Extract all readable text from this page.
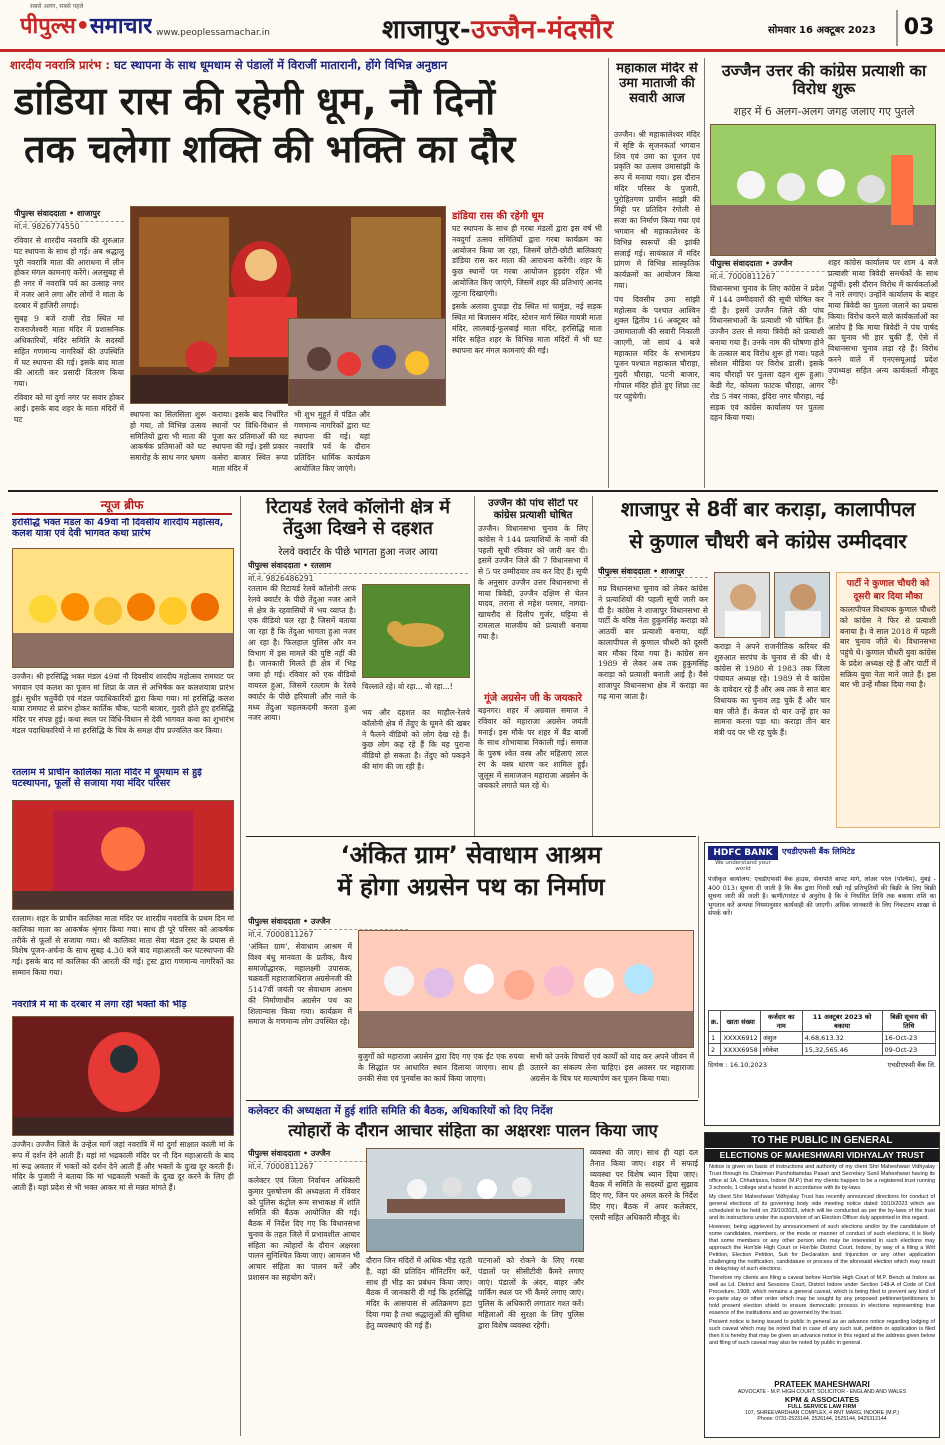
सबसे अलग, सबसे पहले
पीपुल्स•समाचार www.peoplessamachar.in	शाजापुर-उज्जैन-मंदसौर	सोमवार 16 अक्टूबर 2023	03
शारदीय नवरात्रि प्रारंभ : घट स्थापना के साथ धूमधाम से पंडालों में विराजीं मातारानी, होंगे विभिन्न अनुष्ठान
डांडिया रास की रहेगी धूम, नौ दिनों
तक चलेगा शक्ति की भक्ति का दौर
पीपुल्स संवाददाता • शाजापुर
मो.नं. 9826774550

रविवार से शारदीय नवरात्रि की शुरुआत घट स्थापना के साथ हो गई। अब श्रद्धालु पूरी नवरात्रि माता की आराधना में लीन होकर मंगल कामनाएं करेंगे। अलसुबह से ही नगर में नवरात्रि पर्व का उत्साह नगर में नजर आने लगा और लोगों ने माता के दरबार में हाजिरी लगाई।

सुबह 9 बजे राजी रोड स्थित मां राजराजेश्वरी माता मंदिर में प्रशासनिक अधिकारियों, मंदिर समिति के सदस्यों सहित गणमान्य नागरिकों की उपस्थिति में घट स्थापना की गई। इसके बाद माता की आरती कर प्रसादी वितरण किया गया।

रविवार को मां दुर्गा नगर पर सवार होकर आईं। इसके बाद शहर के माता मंदिरों में घट	स्थापना का सिलसिला शुरू हो गया, तो विभिन्न उत्सव समितियों द्वारा भी माता की आकर्षक प्रतिमाओं को घट समारोह के साथ नगर भ्रमण
कराया। इसके बाद निर्धारित स्थानों पर विधि-विधान से पूजा कर प्रतिमाओं की घट स्थापना की गई। इसी प्रकार कसेरा बाजार स्थित रूपा माता मंदिर में
भी शुभ मुहूर्त में पंडित और गणमान्य नागरिकों द्वारा घट स्थापना की गई। यहां नवरात्रि पर्व के दौरान प्रतिदिन धार्मिक कार्यक्रम आयोजित किए जाएंगे।
डांडिया रास की रहेगी धूम
घट स्थापना के साथ ही गरबा मंडलों द्वारा इस वर्ष भी नवदुर्गा उत्सव समितियों द्वारा गरबा कार्यक्रम का आयोजन किया जा रहा, जिसमें छोटी-छोटी बालिकाएं डांडिया रास कर माता की आराधना करेंगी। शहर के कुछ स्थानों पर गरबा आयोजन हुड़दंग रहित भी आयोजित किए जाएंगे, जिसमें शहर की प्रतिभाएं आनंद लूटना दिखाएंगी।
इसके अलावा दुपाड़ा रोड स्थित मां चामुंडा, नई सड़क स्थित मां बिजासन मंदिर, स्टेशन मार्ग स्थित गायत्री माता मंदिर, लालबाई-फूलबाई माता मंदिर, हरसिद्धि माता मंदिर सहित शहर के विभिन्न माता मंदिरों में भी घट स्थापना कर मंगल कामनाएं की गईं।
महाकाल मंदिर से उमा माताजी की सवारी आज

उज्जैन। श्री महाकालेश्वर मंदिर में सृष्टि के सृजनकर्ता भगवान शिव एवं उमा का पूजन एवं प्रकृति का उत्सव उमासांझी के रूप में मनाया गया। इस दौरान मंदिर परिसर के पुजारी, पुरोहितगण प्राचीन सांझी की मिट्टी पर प्रतिदिन रंगोली से सजा का निर्माण किया गया एवं भगवान श्री महाकालेश्वर के विभिन्न स्वरूपों की झांकी सजाई गई। सायंकाल में मंदिर प्रांगण में विभिन्न सांस्कृतिक कार्यक्रमों का आयोजन किया गया।

पंच दिवसीय उमा सांझी महोत्सव के पश्चात आश्विन शुक्ल द्वितीय 16 अक्टूबर को उमामाताजी की सवारी निकाली जाएगी, जो सायं 4 बजे महाकाल मंदिर के सभामंडप पूजन पश्चात महाकाल चौराहा, गुदरी चौराहा, पटनी बाजार, गोपाल मंदिर होते हुए शिप्रा तट पर पहुंचेगी।

उज्जैन उत्तर की कांग्रेस प्रत्याशी का विरोध शुरू
शहर में 6 अलग-अलग जगह जलाए गए पुतले
पीपुल्स संवाददाता • उज्जैन
मो.नं. 7000811267
विधानसभा चुनाव के लिए कांग्रेस ने प्रदेश में 144 उम्मीदवारों की सूची घोषित कर दी है। इसमें उज्जैन जिले की पांच विधानसभाओं के प्रत्याशी भी घोषित हैं। उज्जैन उत्तर से माया त्रिवेदी को प्रत्याशी बनाया गया है। उनके नाम की घोषणा होने के तत्काल बाद विरोध शुरू हो गया। पहले सोशल मीडिया पर विरोध डाली। इसके बाद चौराहों पर पुतला दहन शुरू हुआ। केडी गेट, कोयला फाटक चौराहा, आगर रोड 5 नंबर नाका, इंदिरा नगर चौराहा, नई सड़क एवं कांग्रेस कार्यालय पर पुतला दहन किया गया।
शहर कांग्रेस कार्यालय पर शाम 4 बजे प्रत्याशी माया त्रिवेदी समर्थकों के साथ पहुंचीं। इसी दौरान विरोध में कार्यकर्ताओं ने नारे लगाए। उन्होंने कार्यालय के बाहर माया त्रिवेदी का पुतला जलाने का प्रयास किया। विरोध करने वाले कार्यकर्ताओं का आरोप है कि माया त्रिवेदी ने पंच पार्षद का चुनाव भी हार चुकी हैं, ऐसे में विधानसभा चुनाव लड़ा रहे हैं। विरोध करने वाले में एनएसयूआई प्रदेश उपाध्यक्ष सहित अन्य कार्यकर्ता मौजूद रहे।
न्यूज ब्रीफ
हरसिद्धि भक्त मंडल का 49वां नौ दिवसीय शारदीय महोत्सव, कलश यात्रा एवं देवी भागवत कथा प्रारंभ
उज्जैन। श्री हरसिद्धि भक्त मंडल 49वां नौ दिवसीय शारदीय महोत्सव रामघाट पर भगवान एवं कलश का पूजन मां शिप्रा के जल से अभिषेक कर कलशयात्रा प्रारंभ हुई। सुधीर चतुर्वेदी एवं मंडल पदाधिकारियों द्वारा किया गया। मां हरसिद्धि कलश यात्रा रामघाट से प्रारंभ होकर कार्तिक चौक, पटनी बाजार, गुदरी होते हुए हरसिद्धि मंदिर पर संपन्न हुई। कथा स्थल पर विधि-विधान से देवी भागवत कथा का शुभारंभ मंडल पदाधिकारियों ने मां हरसिद्धि के चित्र के समक्ष दीप प्रज्वलित कर किया।
रतलाम में प्राचीन कालिका माता मंदिर में धूमधाम से हुई घटस्थापना, फूलों से सजाया गया मंदिर परिसर
रतलाम। शहर के प्राचीन कालिका माता मंदिर पर शारदीय नवरात्रि के प्रथम दिन मां कालिका माता का आकर्षक श्रृंगार किया गया। साथ ही पूरे परिसर को आकर्षक तरीके से फूलों से सजाया गया। श्री कालिका माता सेवा मंडल ट्रस्ट के प्रयास से विशेष पूजन-अर्चना के साथ सुबह 4.30 बजे बाद महाआरती कर घटस्थापना की गई। इसके बाद मां कालिका की आरती की गई। ट्रस्ट द्वारा गणमान्य नागरिकों का सम्मान किया गया।
नवरात्रि में मां के दरबार में लगा रही भक्तों की भीड़
उज्जैन। उज्जैन जिले के उन्हेल मार्ग जहां नवरात्रि में मां दुर्गा साक्षात काली मां के रूप में दर्शन देने आती हैं। यहां मां भद्रकाली मंदिर पर नौ दिन महाआरती के बाद मां रूद्र अवतार में भक्तों को दर्शन देने आती हैं और भक्तों के दुःख दूर करती हैं। मंदिर के पुजारी ने बताया कि मां भद्रकाली भक्तों के दुःख दूर करने के लिए ही आती हैं। यहां प्रदेश से भी भक्त आकर मां से मन्नत मांगते हैं।
रिटायर्ड रेलवे कॉलोनी क्षेत्र में तेंदुआ दिखने से दहशत
रेलवे क्वार्टर के पीछे भागता हुआ नजर आया
पीपुल्स संवाददाता • रतलाम
मो.नं. 9826486291
रतलाम की रिटायर्ड रेलवे कॉलोनी तरफ रेलवे क्वार्टर के पीछे तेंदुआ नजर आने से क्षेत्र के रहवासियों में भय व्याप्त है। एक वीडियो चल रहा है जिसमें बताया जा रहा है कि तेंदुआ भागता हुआ नजर आ रहा है। फिलहाल पुलिस और वन विभाग में इस मामले की पुष्टि नहीं की है। जानकारी मिलते ही क्षेत्र में भिड़ जमा हो गई। रविवार को एक वीडियो वायरल हुआ, जिसमें रतलाम के रेलवे क्वार्टर के पीछे हरियाली और नाले के मध्य तेंदुआ चहलकदमी करता हुआ नजर आया।
चिल्लाते रहे। वो रहा... वो रहा...!
भय और दहशत का माहौल-रेलवे कॉलोनी क्षेत्र में तेंदुए के घूमने की खबर ने फैलने वीडियो को लोग देख रहे हैं। कुछ लोग कह रहे हैं कि यह पुराना वीडियो हो सकता है। तेंदुए को पकड़ने की मांग की जा रही है।
उज्जैन की पांच सीटों पर कांग्रेस प्रत्याशी घोषित
उज्जैन। विधानसभा चुनाव के लिए कांग्रेस ने 144 प्रत्याशियों के नामों की पहली सूची रविवार को जारी कर दी। इसमें उज्जैन जिले की 7 विधानसभा में से 5 पर उम्मीदवार तय कर दिए हैं। सूची के अनुसार उज्जैन उत्तर विधानसभा से माया त्रिवेदी, उज्जैन दक्षिण से चेतन यादव, तराना से महेश परमार, नागदा-खाचरौद से दिलीप गुर्जर, घट्टिया से रामलाल मालवीय को प्रत्याशी बनाया गया है।
गूंजे अग्रसेन जी के जयकारे
बड़नगर। शहर में अग्रवाल समाज ने रविवार को महाराजा अग्रसेन जयंती मनाई। इस मौके पर शहर में बैंड बाजों के साथ शोभायात्रा निकाली गई। समाज के पुरुष श्वेत वस्त्र और महिलाएं लाल रंग के वस्त्र धारण कर शामिल हुईं। जुलूस में समाजजन महाराजा अग्रसेन के जयकारे लगाते चल रहे थे।
शाजापुर से 8वीं बार कराड़ा, कालापीपल
से कुणाल चौधरी बने कांग्रेस उम्मीदवार
पीपुल्स संवाददाता • शाजापुर
मप्र विधानसभा चुनाव को लेकर कांग्रेस ने प्रत्याशियों की पहली सूची जारी कर दी है। कांग्रेस ने शाजापुर विधानसभा से पार्टी के वरिष्ठ नेता हुकुमसिंह कराड़ा को आठवीं बार प्रत्याशी बनाया, वहीं कालापीपल से कुणाल चौधरी को दूसरी बार मौका दिया गया है। कांग्रेस सन 1989 से लेकर अब तक हुकुमसिंह कराड़ा को प्रत्याशी बनाती आई है। वैसे शाजापुर विधानसभा क्षेत्र में कराड़ा का गढ़ माना जाता है।
कराड़ा ने अपने राजनीतिक करियर की शुरुआत सरपंच के चुनाव से की थी। वे कांग्रेस से 1980 से 1983 तक जिला पंचायत अध्यक्ष रहे। 1989 से वे कांग्रेस के दावेदार रहे हैं और अब तक वे सात बार विधायक का चुनाव लड़ चुके हैं और चार बार जीते हैं। केवल दो बार उन्हें हार का सामना करना पड़ा था। कराड़ा तीन बार मंत्री पद पर भी रह चुके हैं।
पार्टी ने कुणाल चौधरी को दूसरी बार दिया मौका
कालापीपल विधायक कुणाल चौधरी को कांग्रेस ने फिर से प्रत्याशी बनाया है। वे साल 2018 में पहली बार चुनाव जीते थे। विधानसभा पहुंचे थे। कुणाल चौधरी युवा कांग्रेस के प्रदेश अध्यक्ष रहे हैं और पार्टी में सक्रिय युवा नेता माने जाते हैं। इस बार भी उन्हें मौका दिया गया है।
‘अंकित ग्राम’ सेवाधाम आश्रम
में होगा अग्रसेन पथ का निर्माण
पीपुल्स संवाददाता • उज्जैन
मो.नं. 7000811267
‘अंकित ग्राम’, सेवाधाम आश्रम में विश्व बंधु मानवता के प्रतीक, वैश्य समाजोद्धारक, महालक्ष्मी उपासक, चक्रवर्ती महाराजाधिराज अग्रसेनजी की 5147वीं जयंती पर सेवाधाम आश्रम की निर्माणाधीन अग्रसेन पथ का शिलान्यास किया गया। कार्यक्रम में समाज के गणमान्य लोग उपस्थित रहे।
बुजुर्गों को महाराजा अग्रसेन द्वारा दिए गए एक ईंट एक रुपया के सिद्धांत पर आधारित स्थान दिलाया जाएगा। साथ ही उनकी सेवा एवं पुनर्वास का कार्य किया जाएगा।
सभी को उनके विचारों एवं कार्यों को याद कर अपने जीवन में उतारने का संकल्प लेना चाहिए। इस अवसर पर महाराजा अग्रसेन के चित्र पर माल्यार्पण कर पूजन किया गया।
HDFC BANK
We understand your world
एचडीएफसी बैंक लिमिटेड
पंजीकृत कार्यालय: एचडीएफसी बैंक हाउस, सेनापति बापट मार्ग, लोअर परेल (पश्चिम), मुंबई - 400 013। सूचना दी जाती है कि बैंक द्वारा गिरवी रखी गई प्रतिभूतियों की बिक्री के लिए बिक्री सूचना जारी की जाती है। ऋणी/गारंटर से अनुरोध है कि वे निर्धारित तिथि तक बकाया राशि का भुगतान करें अन्यथा नियमानुसार कार्यवाही की जाएगी। अधिक जानकारी के लिए निकटतम शाखा से संपर्क करें।
क्र.	खाता संख्या	कर्जदार का नाम	11 अक्टूबर 2023 को बकाया	बिक्री सूचना की तिथि
1	XXXX6912	अंशुल	4,68,613.32	16-Oct-23
2	XXXX6958	लोकेश	15,32,565.46	09-Oct-23
दिनांक : 16.10.2023	एचडीएफसी बैंक लि.
कलेक्टर की अध्यक्षता में हुई शांति समिति की बैठक, अधिकारियों को दिए निर्देश
त्योहारों के दौरान आचार संहिता का अक्षरशः पालन किया जाए
पीपुल्स संवाददाता • उज्जैन
मो.नं. 7000811267
कलेक्टर एवं जिला निर्वाचन अधिकारी कुमार पुरुषोत्तम की अध्यक्षता में रविवार को पुलिस कंट्रोल रूम सभाकक्ष में शांति समिति की बैठक आयोजित की गई। बैठक में निर्देश दिए गए कि विधानसभा चुनाव के तहत जिले में प्रभावशील आचार संहिता का त्योहारों के दौरान अक्षरशः पालन सुनिश्चित किया जाए। आमजन भी आचार संहिता का पालन करें और प्रशासन का सहयोग करें।
दौरान जिन मंदिरों में अधिक भीड़ रहती है, वहां की प्रतिदिन मॉनिटरिंग करें, साथ ही भीड़ का प्रबंधन किया जाए। बैठक में जानकारी दी गई कि हरसिद्धि मंदिर के आसपास से अतिक्रमण हटा दिया गया है तथा श्रद्धालुओं की सुविधा हेतु व्यवस्थाएं की गई हैं।
घटनाओं को रोकने के लिए गरबा पंडालों पर सीसीटीवी कैमरे लगाए जाएं। पंडालों के अंदर, बाहर और पार्किंग स्थल पर भी कैमरे लगाए जाएं। पुलिस के अधिकारी लगातार गश्त करें। महिलाओं की सुरक्षा के लिए पुलिस द्वारा विशेष व्यवस्था रहेगी।
व्यवस्था की जाए। साथ ही यहां दल तैनात किया जाए। शहर में सफाई व्यवस्था पर विशेष ध्यान दिया जाए। बैठक में समिति के सदस्यों द्वारा सुझाव दिए गए, जिन पर अमल करने के निर्देश दिए गए। बैठक में अपर कलेक्टर, एसपी सहित अधिकारी मौजूद थे।
TO THE PUBLIC IN GENERAL
ELECTIONS OF MAHESHWARI VIDHYALAY TRUST

Notice is given on basis of instructions and authority of my client Shri Maheshwari Vidhyalay Trust through its Chairman Purshottamdas Pasari and Secretary Sunil Maheshwari having its office at 1A, Chhatripura, Indore (M.P.) that my clients happen to be a registered trust running 3 schools, 1 college and a hostel in accordance with its by-laws.

My client Shri Maheshwari Vidhyalay Trust has recently announced directions for conduct of general elections of its governing body vide meeting notice dated 10/10/2023 which are scheduled to be held on 29/10/2023, which will be conducted as per the by-laws of the trust and its instructions under the supervision of an Election Officer duly appointed in this regard.

However, being aggrieved by announcement of such elections and/or by the candidature of some candidates, members, or the mode or manner of conduct of such elections, it is likely that some members or any other person who may be interested in such elections may approach the Hon'ble High Court or Hon'ble District Court, Indore, by way of a filing a Writ Petition, Election Petition, Suit for Declaration and Injunction or any other application challenging the notification, candidature or process of the aforesaid election which may result in delay/stay of such elections.

Therefore my clients are filing a caveat before Hon'ble High Court of M.P. Bench at Indore as well as Ld. District and Sessions Court, District Indore under Section 148-A of Code of Civil Procedure, 1908, which remains a general caveat, which is being filed to prevent any kind of ex-parte stay or other order which may be sought by any proposed petitioner/petitioners to hold present election shield to ensure democratic process in elections representing true essence of the institutions and as governed by the trust.

Present notice is being issued to public in general as an advance notice regarding lodging of such caveat which may be noted that in case of any such suit, petition or application is filed then it is hereby that may be given an advance notice in this regard at the address given below and filing of such caveat may also be noted by public in general.

PRATEEK MAHESHWARI
ADVOCATE - M.P. HIGH COURT, SOLICITOR - ENGLAND AND WALES
KPM & ASSOCIATES
FULL SERVICE LAW FIRM
107, SHREEVARDHAN COMPLEX, 4 RNT MARG, INDORE (M.P.)
Phone: 0731-2523144, 2526144, 2525144, 9425312144
